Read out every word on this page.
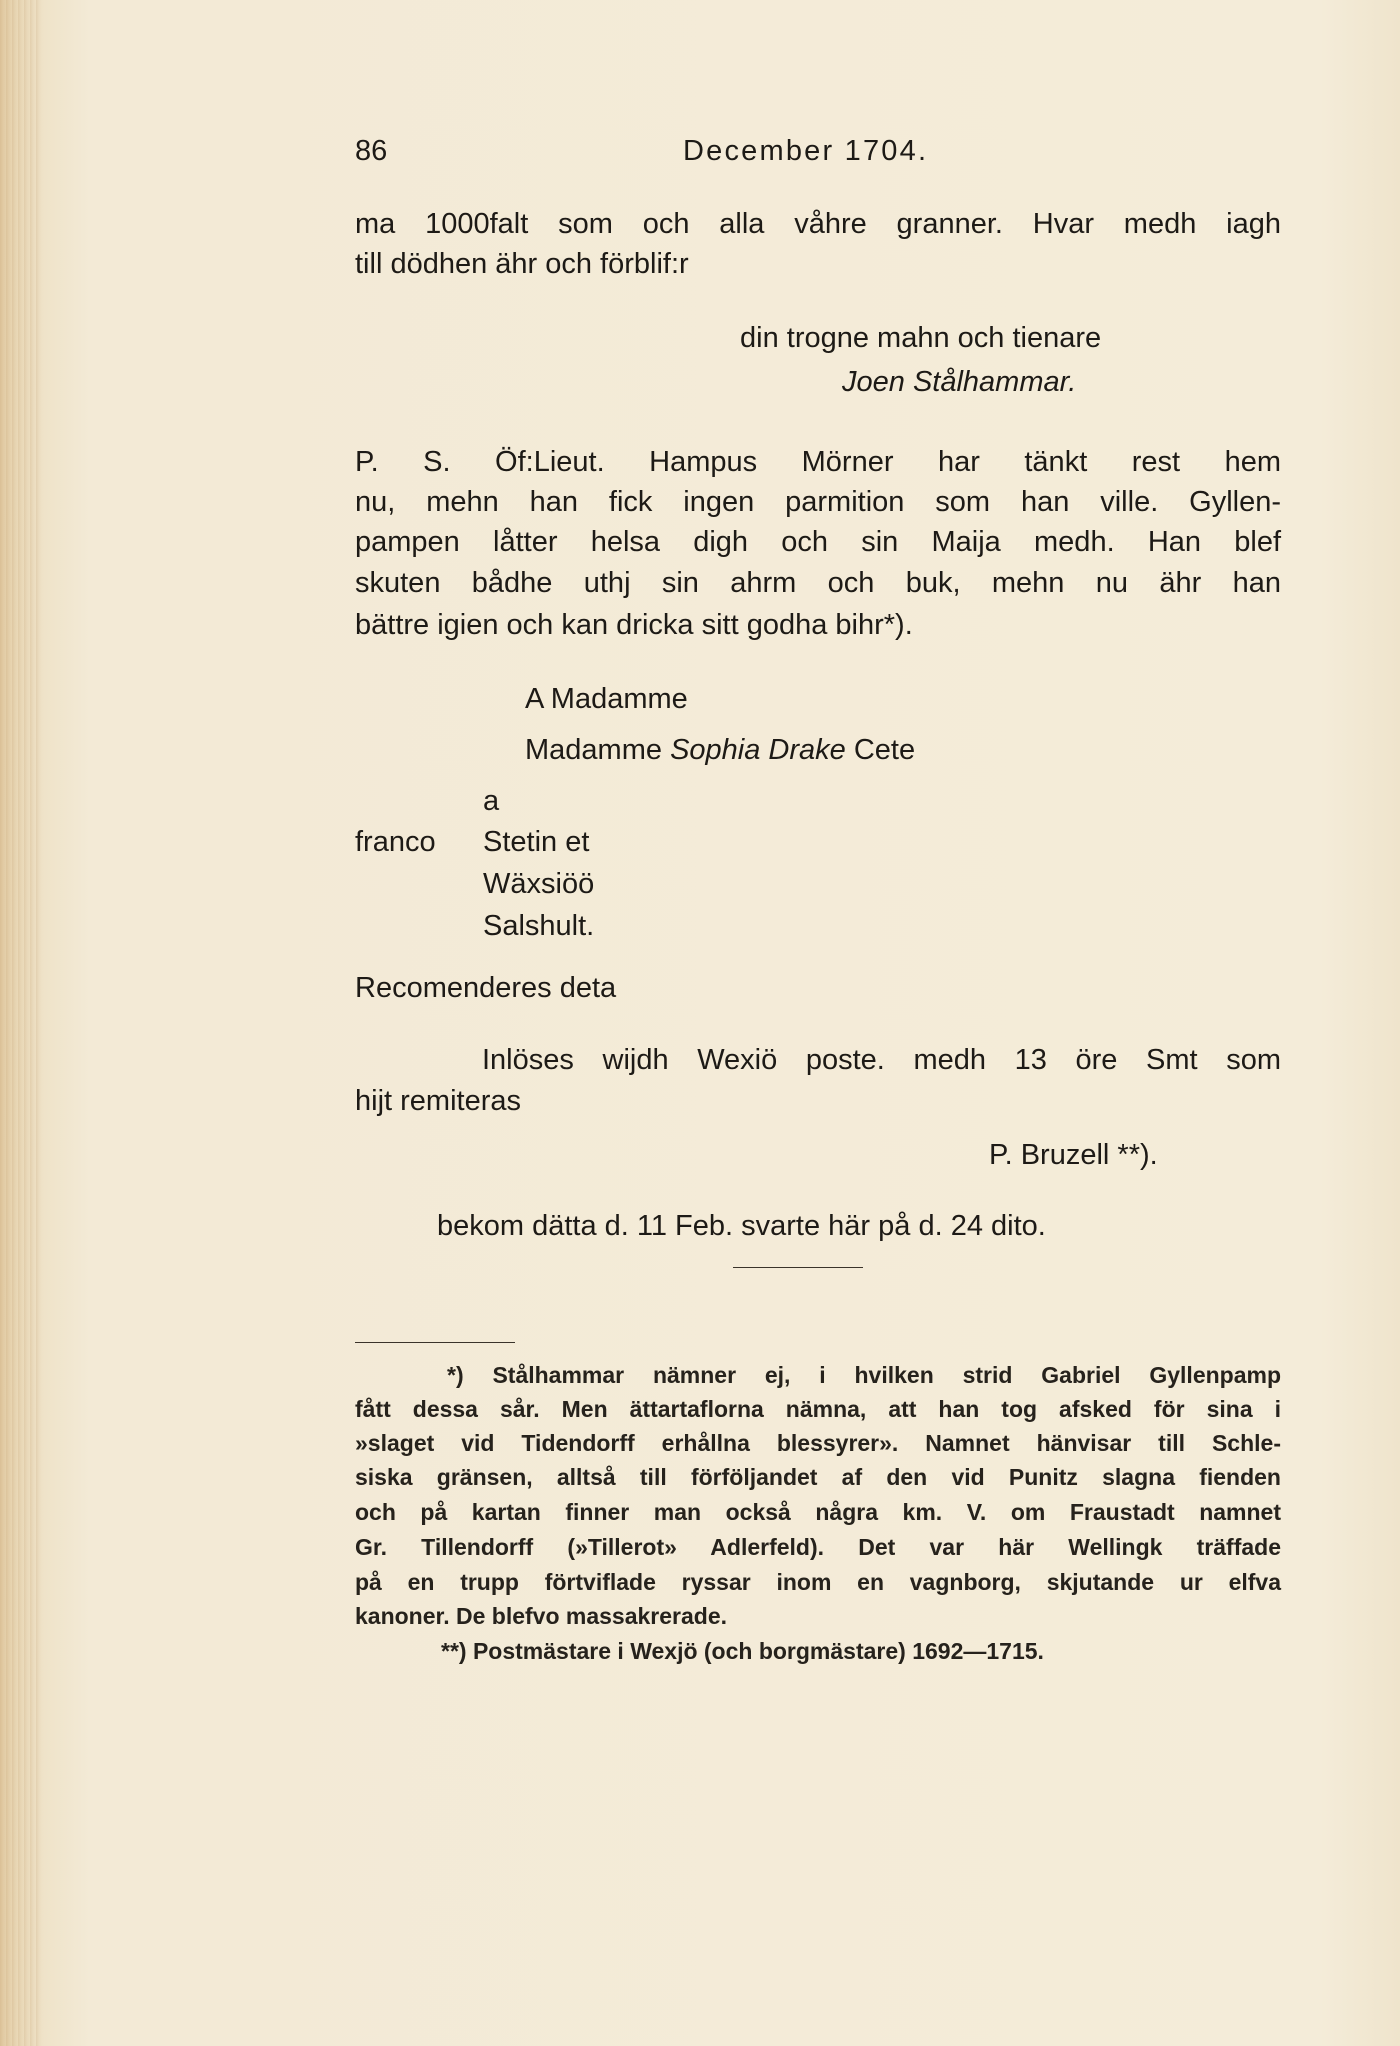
86	December 1704.
ma 1000falt som och alla våhre granner. Hvar medh iagh
till dödhen ähr och förblif:r
din trogne mahn och tienare
Joen Stålhammar.
P. S. Öf:Lieut. Hampus Mörner har tänkt rest hem
nu, mehn han fick ingen parmition som han ville. Gyllen-
pampen låtter helsa digh och sin Maija medh. Han blef
skuten bådhe uthj sin ahrm och buk, mehn nu ähr han
bättre igien och kan dricka sitt godha bihr*).
A Madamme
Madamme Sophia Drake Cete
a
franco Stetin et
Wäxsiöö
Salshult.
Recomenderes deta
Inlöses wijdh Wexiö poste. medh 13 öre Smt som
hijt remiteras
P. Bruzell **).
bekom dätta d. 11 Feb. svarte här på d. 24 dito.
*) Stålhammar nämner ej, i hvilken strid Gabriel Gyllenpamp
fått dessa sår. Men ättartaflorna nämna, att han tog afsked för sina i
»slaget vid Tidendorff erhållna blessyrer». Namnet hänvisar till Schle-
siska gränsen, alltså till förföljandet af den vid Punitz slagna fienden
och på kartan finner man också några km. V. om Fraustadt namnet
Gr. Tillendorff (»Tillerot» Adlerfeld). Det var här Wellingk träffade
på en trupp förtviflade ryssar inom en vagnborg, skjutande ur elfva
kanoner. De blefvo massakrerade.
**) Postmästare i Wexjö (och borgmästare) 1692—1715.
